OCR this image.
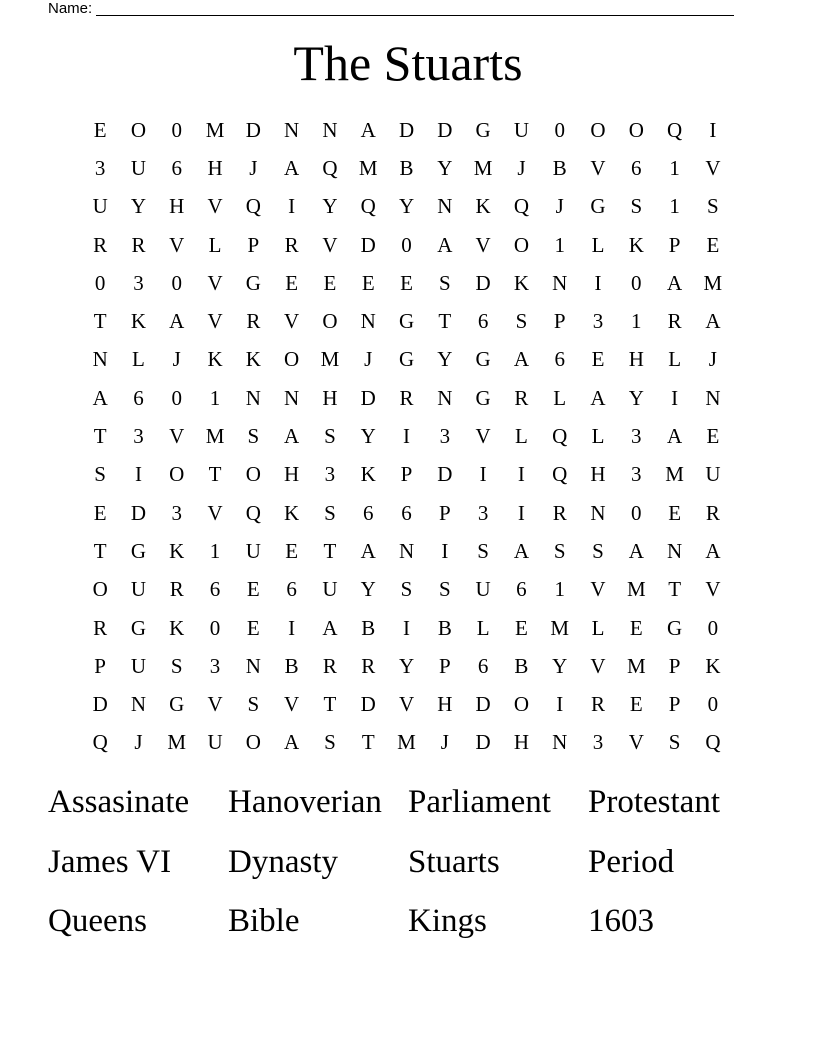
Name:
The Stuarts
E	O	0	M	D	N	N	A	D	D	G	U	0	O	O	Q	I
3	U	6	H	J	A	Q	M	B	Y	M	J	B	V	6	1	V
U	Y	H	V	Q	I	Y	Q	Y	N	K	Q	J	G	S	1	S
R	R	V	L	P	R	V	D	0	A	V	O	1	L	K	P	E
0	3	0	V	G	E	E	E	E	S	D	K	N	I	0	A	M
T	K	A	V	R	V	O	N	G	T	6	S	P	3	1	R	A
N	L	J	K	K	O	M	J	G	Y	G	A	6	E	H	L	J
A	6	0	1	N	N	H	D	R	N	G	R	L	A	Y	I	N
T	3	V	M	S	A	S	Y	I	3	V	L	Q	L	3	A	E
S	I	O	T	O	H	3	K	P	D	I	I	Q	H	3	M	U
E	D	3	V	Q	K	S	6	6	P	3	I	R	N	0	E	R
T	G	K	1	U	E	T	A	N	I	S	A	S	S	A	N	A
O	U	R	6	E	6	U	Y	S	S	U	6	1	V	M	T	V
R	G	K	0	E	I	A	B	I	B	L	E	M	L	E	G	0
P	U	S	3	N	B	R	R	Y	P	6	B	Y	V	M	P	K
D	N	G	V	S	V	T	D	V	H	D	O	I	R	E	P	0
Q	J	M	U	O	A	S	T	M	J	D	H	N	3	V	S	Q
Assasinate	Hanoverian Parliament	Protestant
James VI	Dynasty	Stuarts	Period
Queens	Bible	Kings	1603
